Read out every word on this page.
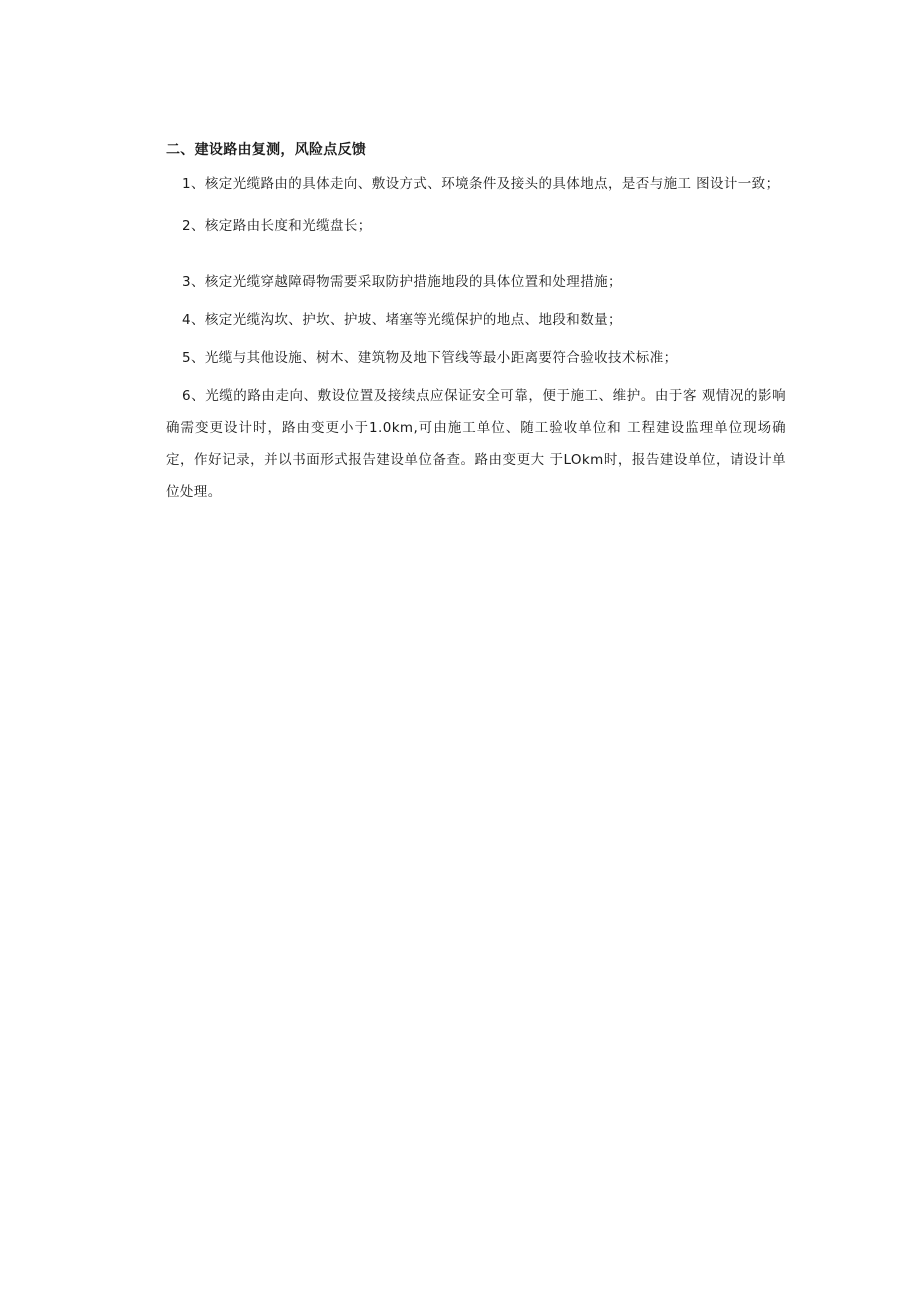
二、建设路由复测，风险点反馈

1、核定光缆路由的具体走向、敷设方式、环境条件及接头的具体地点，是否与施工 图设计一致；

2、核定路由长度和光缆盘长；

3、核定光缆穿越障碍物需要采取防护措施地段的具体位置和处理措施；

4、核定光缆沟坎、护坎、护坡、堵塞等光缆保护的地点、地段和数量；

5、光缆与其他设施、树木、建筑物及地下管线等最小距离要符合验收技术标准；

6、光缆的路由走向、敷设位置及接续点应保证安全可靠，便于施工、维护。由于客 观情况的影响确需变更设计时，路由变更小于1.0km,可由施工单位、随工验收单位和 工程建设监理单位现场确定，作好记录，并以书面形式报告建设单位备查。路由变更大 于LOkm时，报告建设单位，请设计单位处理。
